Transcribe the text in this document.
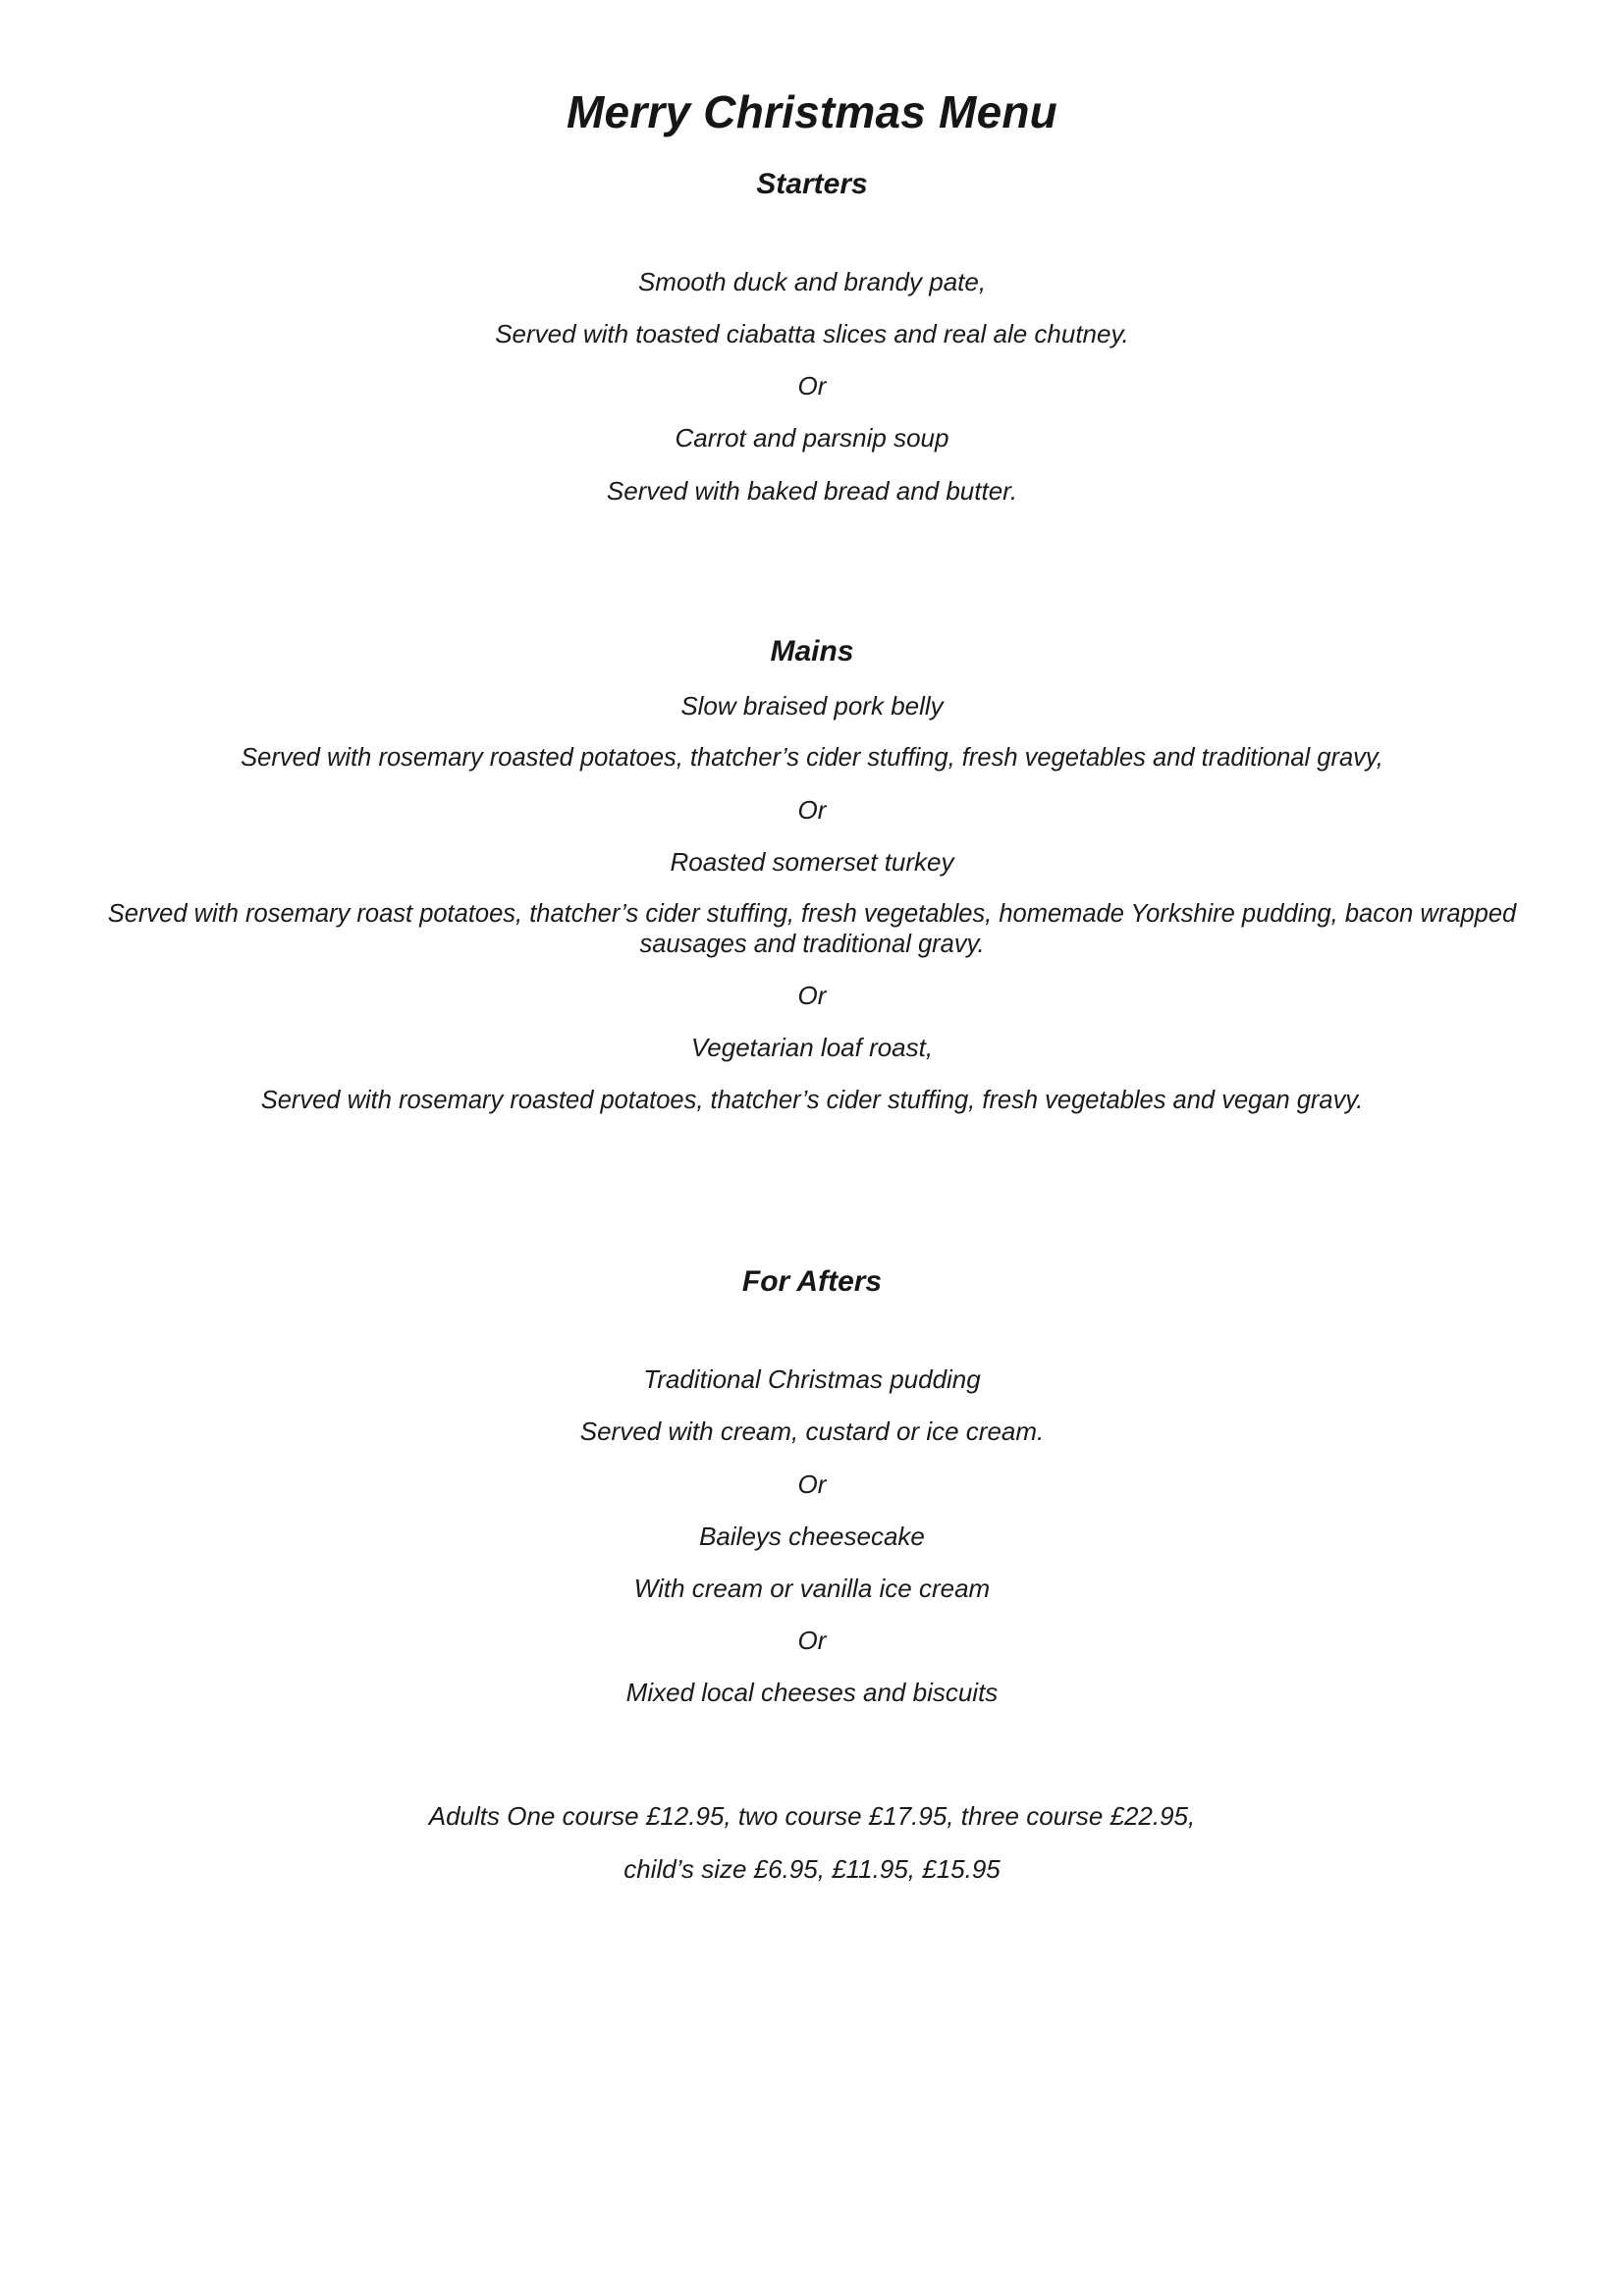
Merry Christmas Menu
Starters

Smooth duck and brandy pate,

Served with toasted ciabatta slices and real ale chutney.

Or

Carrot and parsnip soup

Served with baked bread and butter.

Mains

Slow braised pork belly

Served with rosemary roasted potatoes, thatcher’s cider stuffing, fresh vegetables and traditional gravy,

Or

Roasted somerset turkey

Served with rosemary roast potatoes, thatcher’s cider stuffing, fresh vegetables, homemade Yorkshire pudding, bacon wrapped sausages and traditional gravy.

Or

Vegetarian loaf roast,

Served with rosemary roasted potatoes, thatcher’s cider stuffing, fresh vegetables and vegan gravy.

For Afters

Traditional Christmas pudding

Served with cream, custard or ice cream.

Or

Baileys cheesecake

With cream or vanilla ice cream

Or

Mixed local cheeses and biscuits

Adults One course £12.95, two course £17.95, three course £22.95,

child’s size £6.95, £11.95, £15.95
